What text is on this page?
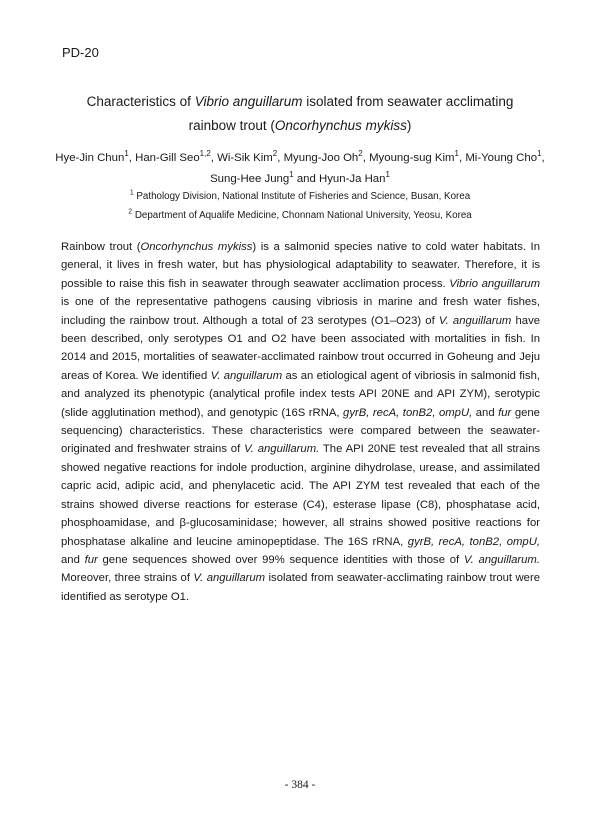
PD-20
Characteristics of Vibrio anguillarum isolated from seawater acclimating
rainbow trout (Oncorhynchus mykiss)
Hye-Jin Chun$^1$, Han-Gill Seo$^{1,2}$, Wi-Sik Kim$^2$, Myung-Joo Oh$^2$, Myoung-sug Kim$^1$, Mi-Young Cho$^1$,
Sung-Hee Jung$^1$ and Hyun-Ja Han$^1$
$^1$ Pathology Division, National Institute of Fisheries and Science, Busan, Korea
$^2$ Department of Aqualife Medicine, Chonnam National University, Yeosu, Korea

Rainbow trout (Oncorhynchus mykiss) is a salmonid species native to cold water habitats. In general, it lives in fresh water, but has physiological adaptability to seawater. Therefore, it is possible to raise this fish in seawater through seawater acclimation process. Vibrio anguillarum is one of the representative pathogens causing vibriosis in marine and fresh water fishes, including the rainbow trout. Although a total of 23 serotypes (O1–O23) of V. anguillarum have been described, only serotypes O1 and O2 have been associated with mortalities in fish. In 2014 and 2015, mortalities of seawater-acclimated rainbow trout occurred in Goheung and Jeju areas of Korea. We identified V. anguillarum as an etiological agent of vibriosis in salmonid fish, and analyzed its phenotypic (analytical profile index tests API 20NE and API ZYM), serotypic (slide agglutination method), and genotypic (16S rRNA, gyrB, recA, tonB2, ompU, and fur gene sequencing) characteristics. These characteristics were compared between the seawater-originated and freshwater strains of V. anguillarum. The API 20NE test revealed that all strains showed negative reactions for indole production, arginine dihydrolase, urease, and assimilated capric acid, adipic acid, and phenylacetic acid. The API ZYM test revealed that each of the strains showed diverse reactions for esterase (C4), esterase lipase (C8), phosphatase acid, phosphoamidase, and β-glucosaminidase; however, all strains showed positive reactions for phosphatase alkaline and leucine aminopeptidase. The 16S rRNA, gyrB, recA, tonB2, ompU, and fur gene sequences showed over 99% sequence identities with those of V. anguillarum. Moreover, three strains of V. anguillarum isolated from seawater-acclimating rainbow trout were identified as serotype O1.

- 384 -
